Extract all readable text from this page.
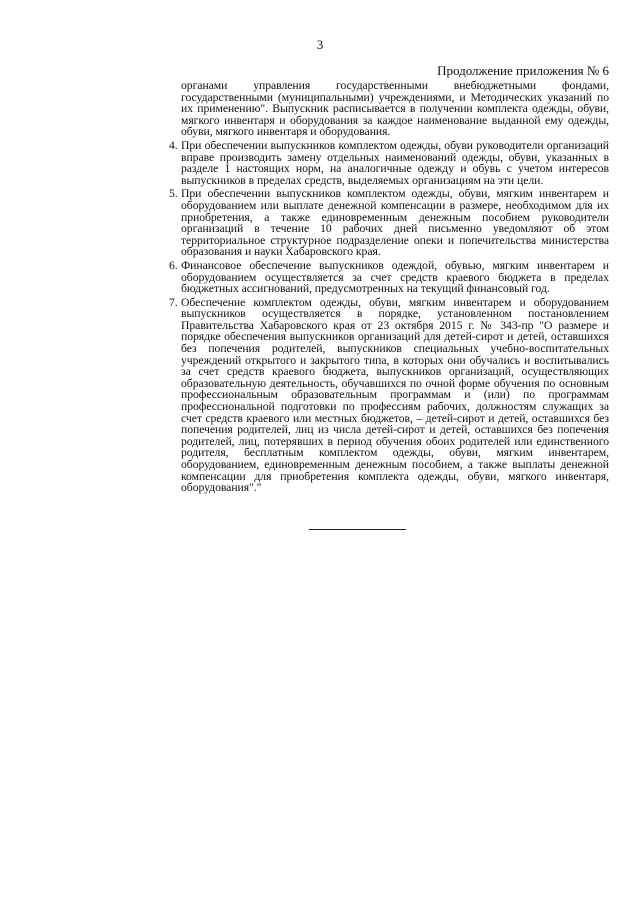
3
Продолжение приложения № 6

органами управления государственными внебюджетными фондами, государственными (муниципальными) учреждениями, и Методических указаний по их применению". Выпускник расписывается в получении комплекта одежды, обуви, мягкого инвентаря и оборудования за каждое наименование выданной ему одежды, обуви, мягкого инвентаря и оборудования.

4. При обеспечении выпускников комплектом одежды, обуви руководители организаций вправе производить замену отдельных наименований одежды, обуви, указанных в разделе 1 настоящих норм, на аналогичные одежду и обувь с учетом интересов выпускников в пределах средств, выделяемых организациям на эти цели.
5. При обеспечении выпускников комплектом одежды, обуви, мягким инвентарем и оборудованием или выплате денежной компенсации в размере, необходимом для их приобретения, а также единовременным денежным пособием руководители организаций в течение 10 рабочих дней письменно уведомляют об этом территориальное структурное подразделение опеки и попечительства министерства образования и науки Хабаровского края.
6. Финансовое обеспечение выпускников одеждой, обувью, мягким инвентарем и оборудованием осуществляется за счет средств краевого бюджета в пределах бюджетных ассигнований, предусмотренных на текущий финансовый год.
7. Обеспечение комплектом одежды, обуви, мягким инвентарем и оборудованием выпускников осуществляется в порядке, установленном постановлением Правительства Хабаровского края от 23 октября 2015 г. № 343-пр "О размере и порядке обеспечения выпускников организаций для детей-сирот и детей, оставшихся без попечения родителей, выпускников специальных учебно-воспитательных учреждений открытого и закрытого типа, в которых они обучались и воспитывались за счет средств краевого бюджета, выпускников организаций, осуществляющих образовательную деятельность, обучавшихся по очной форме обучения по основным профессиональным образовательным программам и (или) по программам профессиональной подготовки по профессиям рабочих, должностям служащих за счет средств краевого или местных бюджетов, – детей-сирот и детей, оставшихся без попечения родителей, лиц из числа детей-сирот и детей, оставшихся без попечения родителей, лиц, потерявших в период обучения обоих родителей или единственного родителя, бесплатным комплектом одежды, обуви, мягким инвентарем, оборудованием, единовременным денежным пособием, а также выплаты денежной компенсации для приобретения комплекта одежды, обуви, мягкого инвентаря, оборудования"."
